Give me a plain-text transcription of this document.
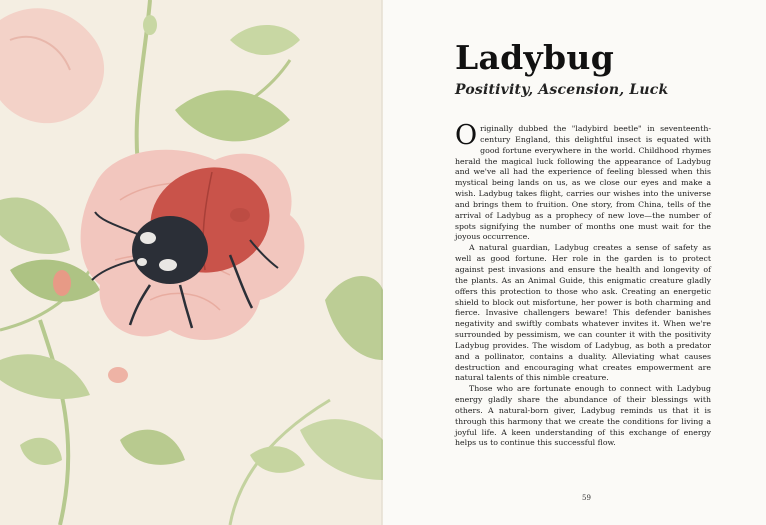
Ladybug
Positivity, Ascension, Luck

Originally dubbed the "ladybird beetle" in seventeenth-century England, this delightful insect is equated with good fortune everywhere in the world. Childhood rhymes herald the magical luck following the appearance of Ladybug and we've all had the experience of feeling blessed when this mystical being lands on us, as we close our eyes and make a wish. Ladybug takes flight, carries our wishes into the universe and brings them to fruition. One story, from China, tells of the arrival of Ladybug as a prophecy of new love—the number of spots signifying the number of months one must wait for the joyous occurrence.

A natural guardian, Ladybug creates a sense of safety as well as good fortune. Her role in the garden is to protect against pest invasions and ensure the health and longevity of the plants. As an Animal Guide, this enigmatic creature gladly offers this protection to those who ask. Creating an energetic shield to block out misfortune, her power is both charming and fierce. Invasive challengers beware! This defender banishes negativity and swiftly combats whatever invites it. When we're surrounded by pessimism, we can counter it with the positivity Ladybug provides. The wisdom of Ladybug, as both a predator and a pollinator, contains a duality. Alleviating what causes destruction and encouraging what creates empowerment are natural talents of this nimble creature.

Those who are fortunate enough to connect with Ladybug energy gladly share the abundance of their blessings with others. A natural-born giver, Ladybug reminds us that it is through this harmony that we create the conditions for living a joyful life. A keen understanding of this exchange of energy helps us to continue this successful flow.

59
